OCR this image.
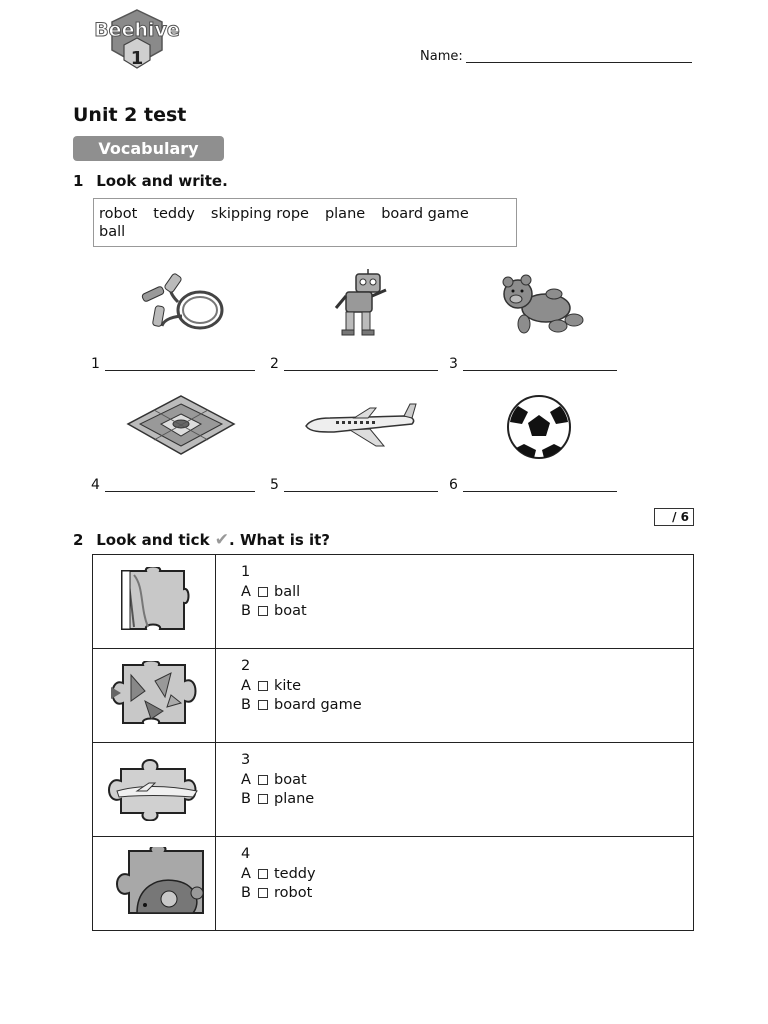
Beehive
1	Name:
Unit 2 test
Vocabulary
1 Look and write.
robot teddy skipping rope plane board game
ball
1	2	3
4	5	6
/ 6
2 Look and tick ✔. What is it?

1
A ball
B boat

2
A kite
B board game

3
A boat
B plane

4
A teddy
B robot
